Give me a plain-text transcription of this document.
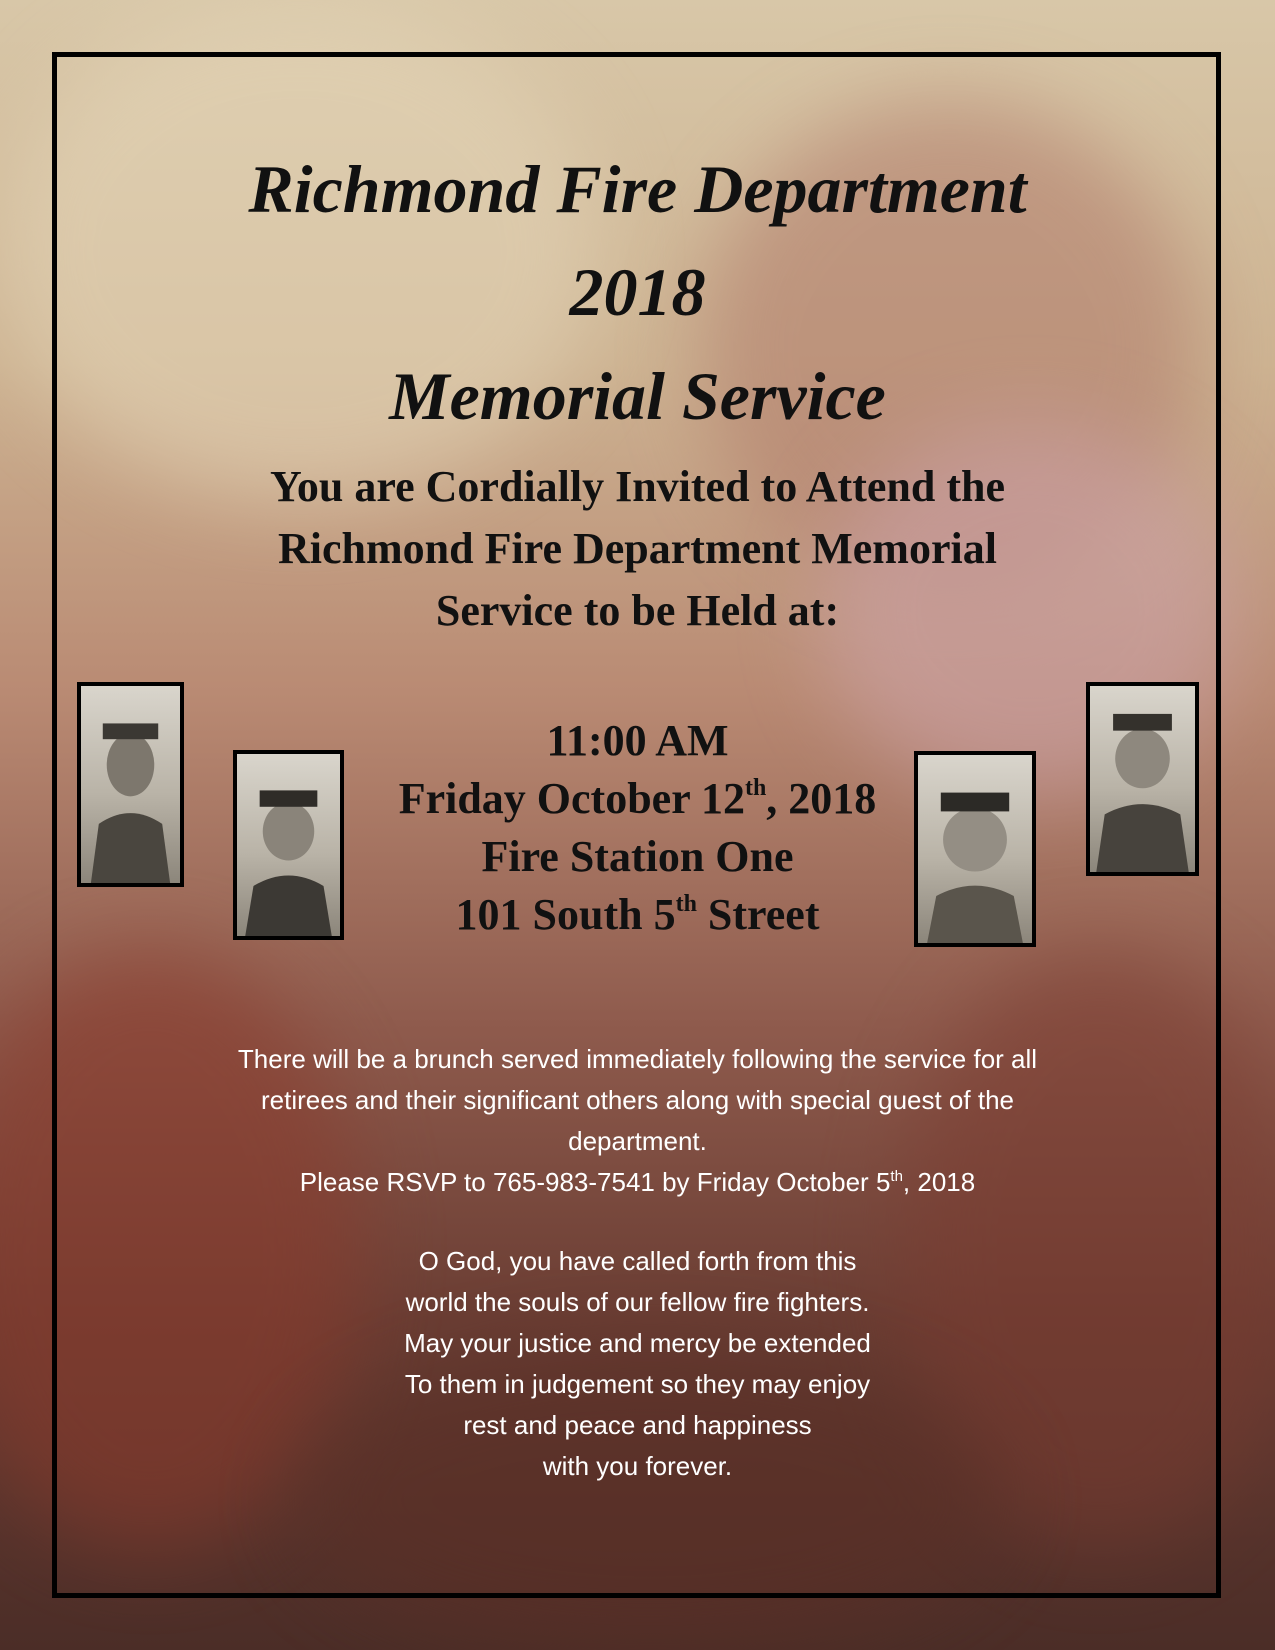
Richmond Fire Department
2018
Memorial Service
You are Cordially Invited to Attend the
Richmond Fire Department Memorial
Service to be Held at:
11:00 AM
Friday October 12th, 2018
Fire Station One
101 South 5th Street
There will be a brunch served immediately following the service for all
retirees and their significant others along with special guest of the
department.
Please RSVP to 765-983-7541 by Friday October 5th, 2018
O God, you have called forth from this
world the souls of our fellow fire fighters.
May your justice and mercy be extended
To them in judgement so they may enjoy
rest and peace and happiness
with you forever.
